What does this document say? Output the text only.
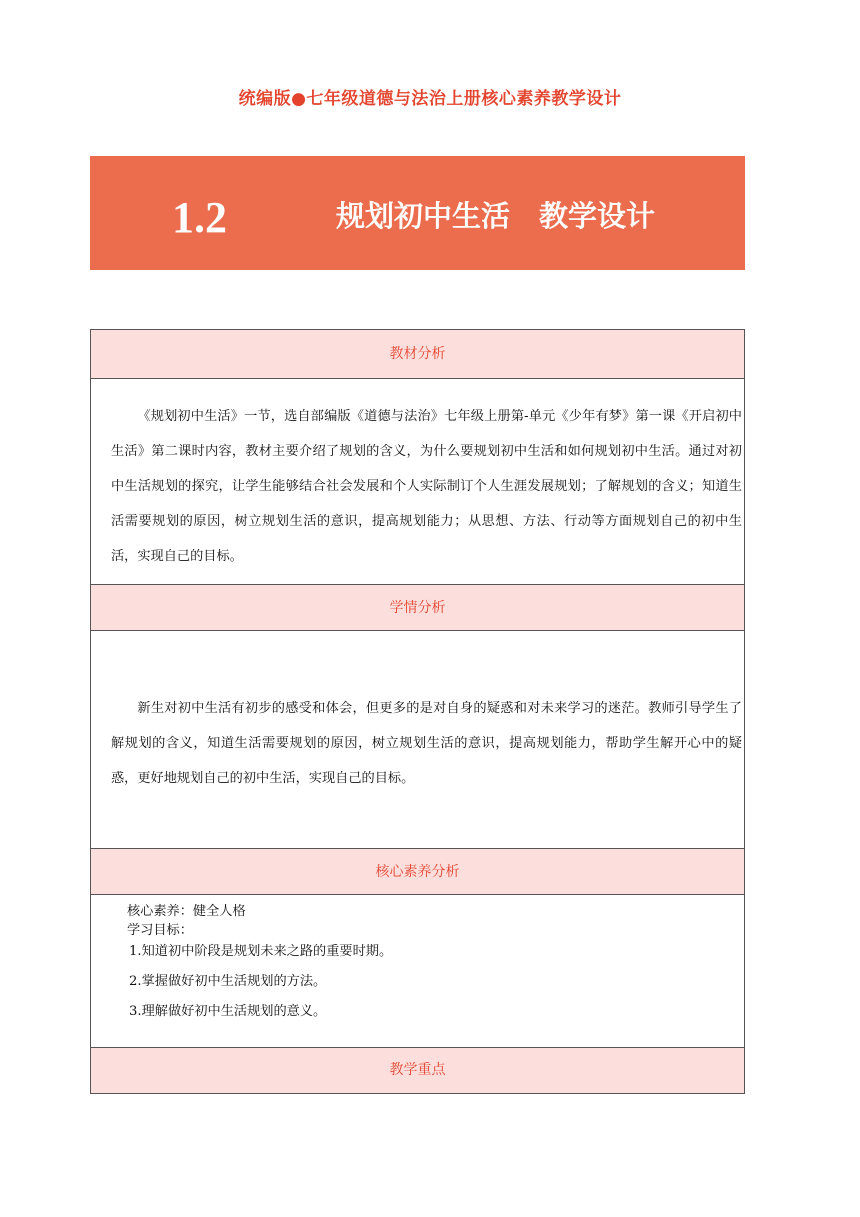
统编版●七年级道德与法治上册核心素养教学设计
1.2	规划初中生活　教学设计
教材分析

《规划初中生活》一节，选自部编版《道德与法治》七年级上册第-单元《少年有梦》第一课《开启初中生活》第二课时内容，教材主要介绍了规划的含义，为什么要规划初中生活和如何规划初中生活。通过对初中生活规划的探究，让学生能够结合社会发展和个人实际制订个人生涯发展规划；了解规划的含义；知道生活需要规划的原因，树立规划生活的意识，提高规划能力；从思想、方法、行动等方面规划自己的初中生活，实现自己的目标。

学情分析

新生对初中生活有初步的感受和体会，但更多的是对自身的疑惑和对未来学习的迷茫。教师引导学生了解规划的含义，知道生活需要规划的原因，树立规划生活的意识，提高规划能力，帮助学生解开心中的疑惑，更好地规划自己的初中生活，实现自己的目标。

核心素养分析

核心素养：健全人格

学习目标：

1.知道初中阶段是规划未来之路的重要时期。

2.掌握做好初中生活规划的方法。

3.理解做好初中生活规划的意义。

教学重点
